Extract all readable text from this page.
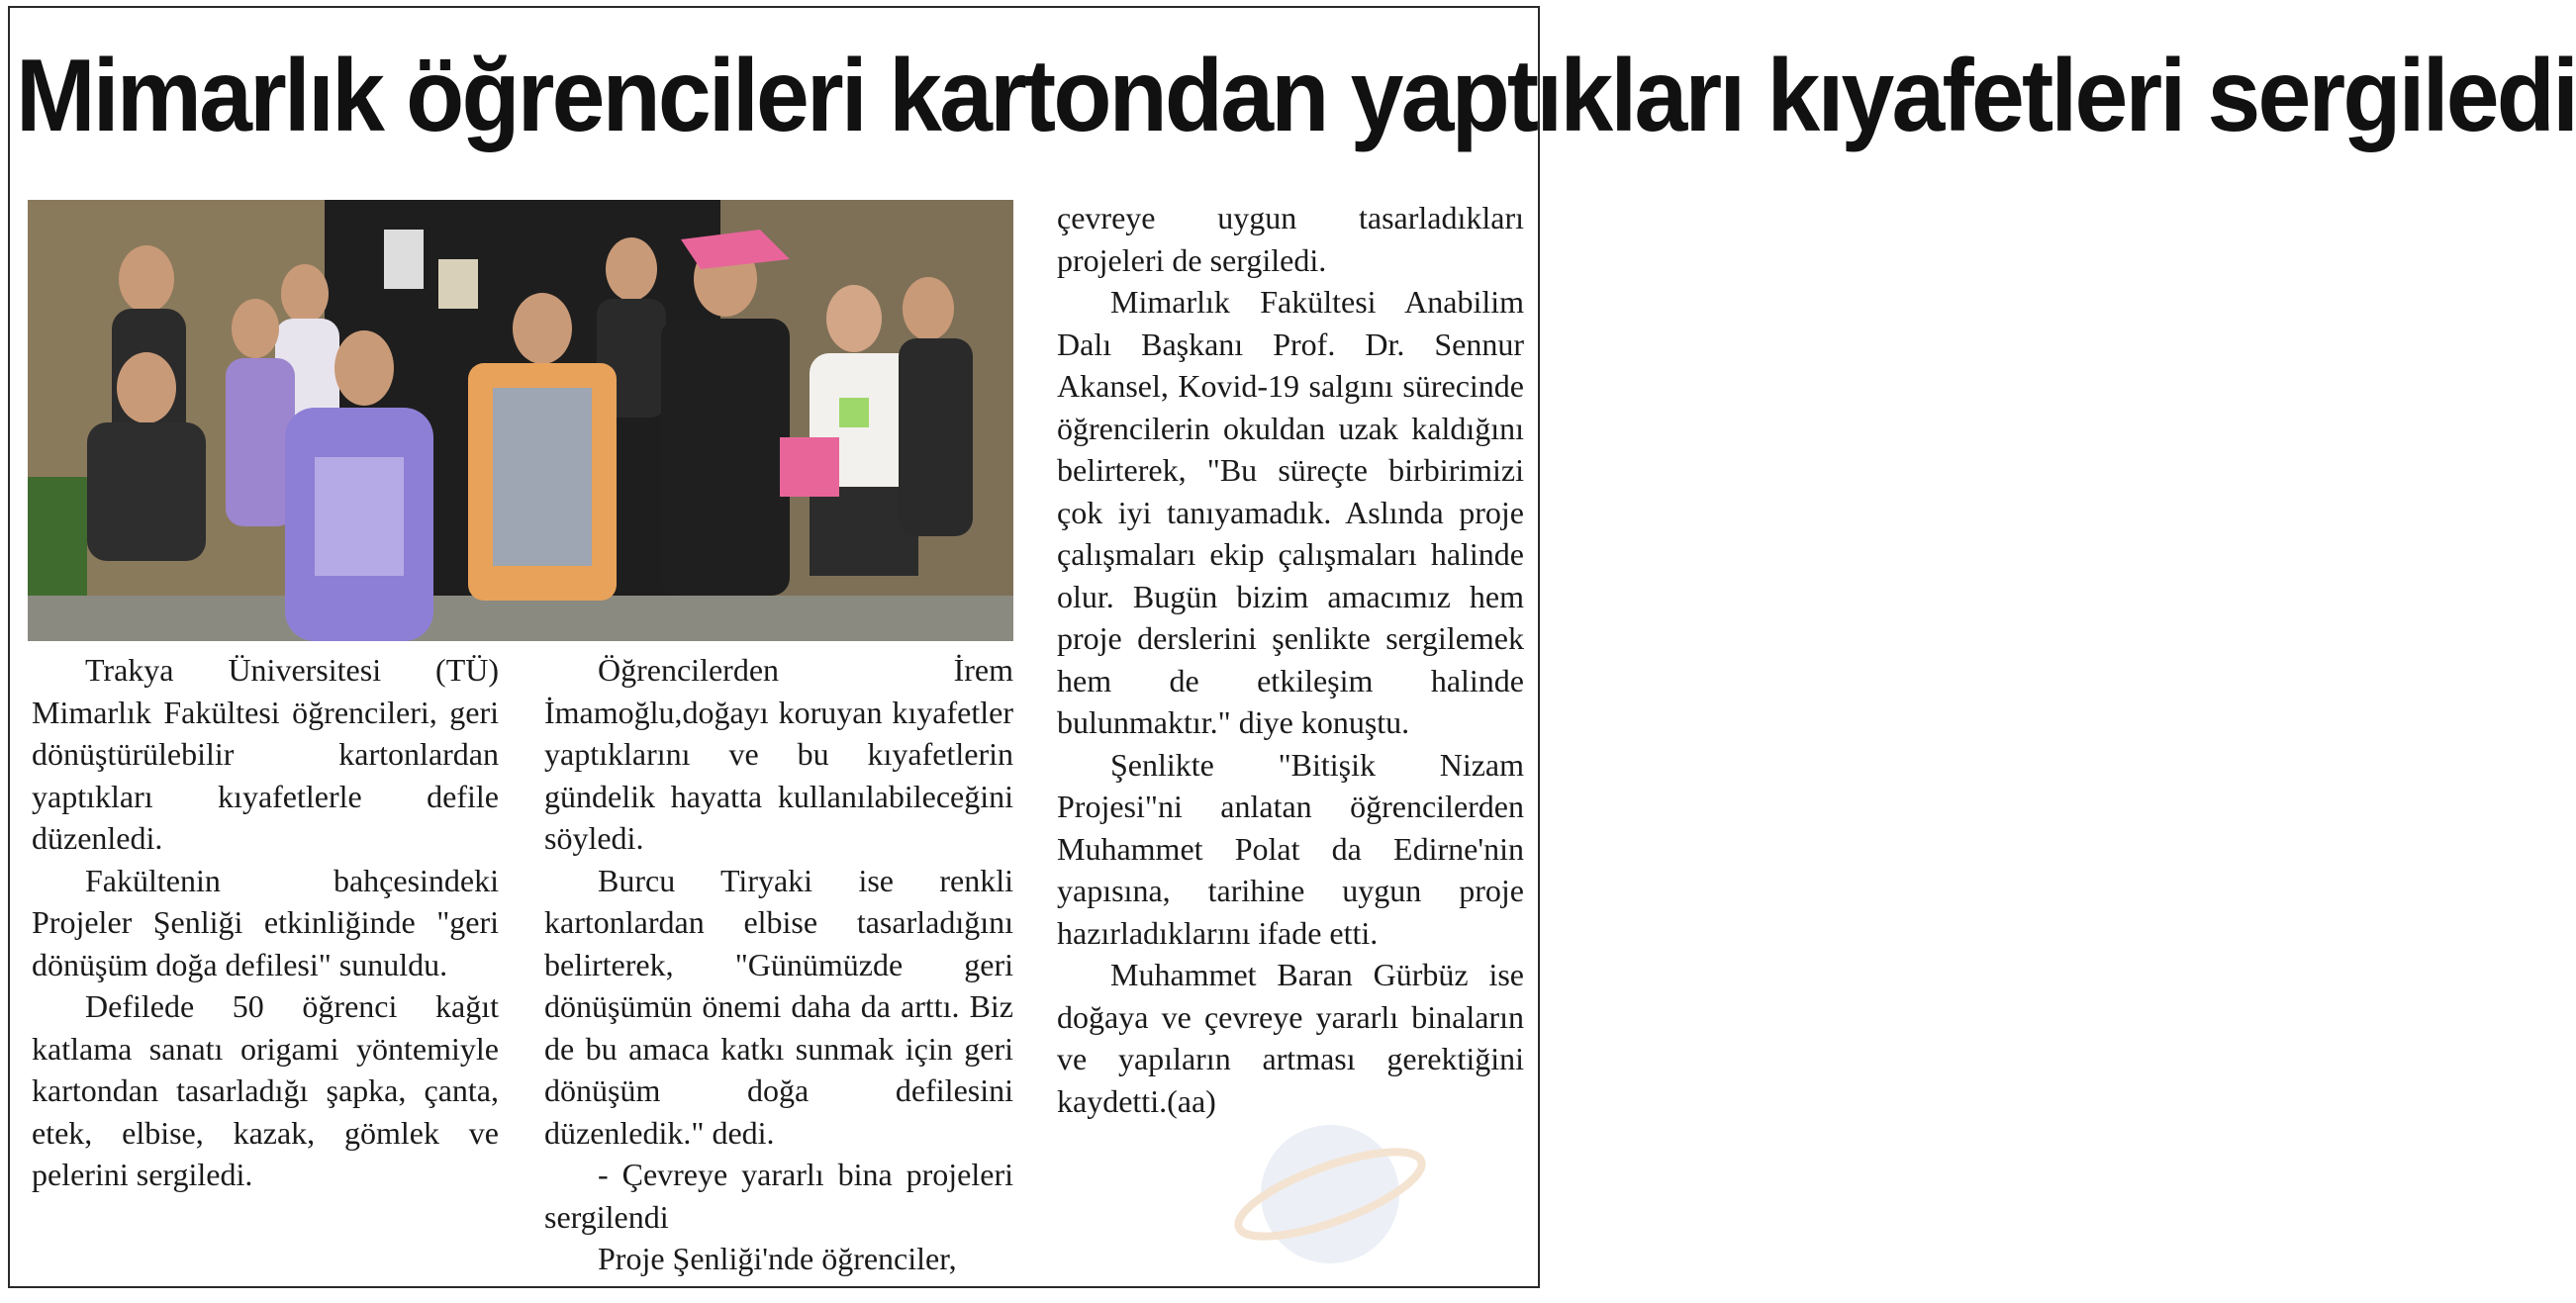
Mimarlık öğrencileri kartondan yaptıkları kıyafetleri sergiledi

Trakya Üniversitesi (TÜ) Mimarlık Fakültesi öğrencileri, geri dönüştürülebilir kartonlardan yaptıkları kıyafetlerle defile düzenledi.

Fakültenin bahçesindeki Projeler Şenliği etkinliğinde "geri dönüşüm doğa defilesi" sunuldu.

Defilede 50 öğrenci kağıt katlama sanatı origami yöntemiyle kartondan tasarladığı şapka, çanta, etek, elbise, kazak, gömlek ve pelerini sergiledi.

Öğrencilerden İrem İmamoğlu,doğayı koruyan kıyafetler yaptıklarını ve bu kıyafetlerin gündelik hayatta kullanılabileceğini söyledi.

Burcu Tiryaki ise renkli kartonlardan elbise tasarladığını belirterek, "Günümüzde geri dönüşümün önemi daha da arttı. Biz de bu amaca katkı sunmak için geri dönüşüm doğa defilesini düzenledik." dedi.

- Çevreye yararlı bina projeleri sergilendi

Proje Şenliği'nde öğrenciler,

çevreye uygun tasarladıkları projeleri de sergiledi.

Mimarlık Fakültesi Anabilim Dalı Başkanı Prof. Dr. Sennur Akansel, Kovid-19 salgını sürecinde öğrencilerin okuldan uzak kaldığını belirterek, "Bu süreçte birbirimizi çok iyi tanıyamadık. Aslında proje çalışmaları ekip çalışmaları halinde olur. Bugün bizim amacımız hem proje derslerini şenlikte sergilemek hem de etkileşim halinde bulunmaktır." diye konuştu.

Şenlikte "Bitişik Nizam Projesi"ni anlatan öğrencilerden Muhammet Polat da Edirne'nin yapısına, tarihine uygun proje hazırladıklarını ifade etti.

Muhammet Baran Gürbüz ise doğaya ve çevreye yararlı binaların ve yapıların artması gerektiğini kaydetti.(aa)
